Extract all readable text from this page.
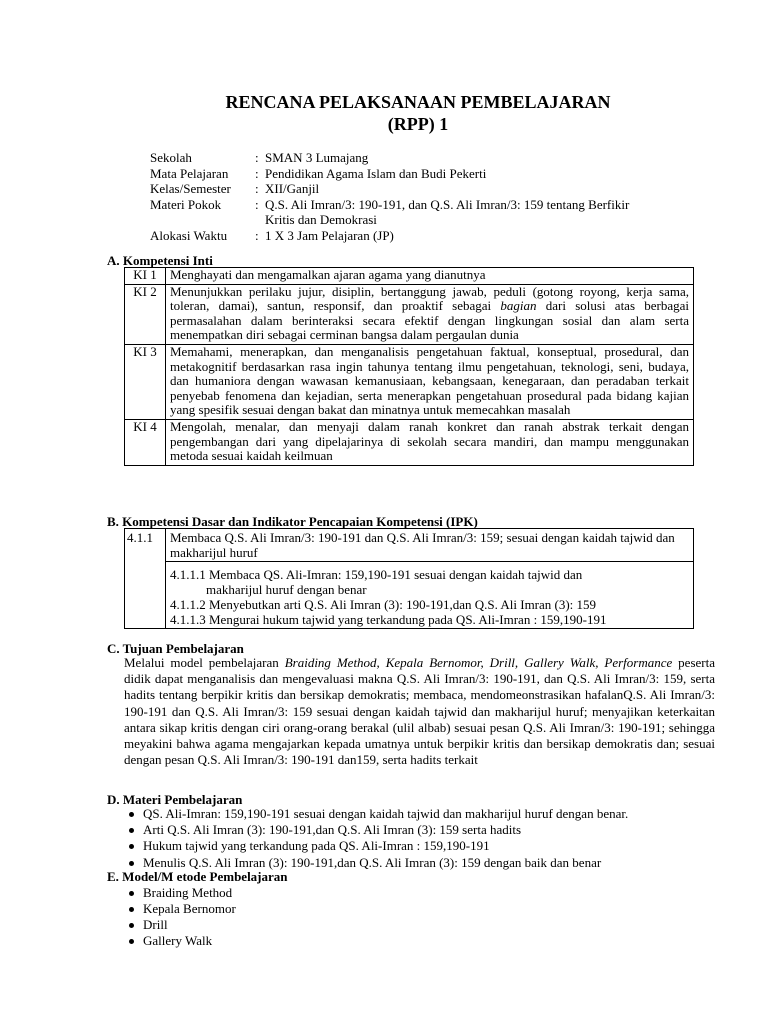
RENCANA PELAKSANAAN PEMBELAJARAN
(RPP) 1
Sekolah	: SMAN 3 Lumajang
Mata Pelajaran	: Pendidikan Agama Islam dan Budi Pekerti
Kelas/Semester	: XII/Ganjil
Materi Pokok	: Q.S. Ali Imran/3: 190-191, dan Q.S. Ali Imran/3: 159 tentang Berfikir
Kritis dan Demokrasi
Alokasi Waktu	: 1 X 3 Jam Pelajaran (JP)
A. Kompetensi Inti
KI 1	Menghayati dan mengamalkan ajaran agama yang dianutnya
KI 2	Menunjukkan perilaku jujur, disiplin, bertanggung jawab, peduli (gotong royong, kerja sama, toleran, damai), santun, responsif, dan proaktif sebagai bagian dari solusi atas berbagai permasalahan dalam berinteraksi secara efektif dengan lingkungan sosial dan alam serta menempatkan diri sebagai cerminan bangsa dalam pergaulan dunia
KI 3	Memahami, menerapkan, dan menganalisis pengetahuan faktual, konseptual, prosedural, dan metakognitif berdasarkan rasa ingin tahunya tentang ilmu pengetahuan, teknologi, seni, budaya, dan humaniora dengan wawasan kemanusiaan, kebangsaan, kenegaraan, dan peradaban terkait penyebab fenomena dan kejadian, serta menerapkan pengetahuan prosedural pada bidang kajian yang spesifik sesuai dengan bakat dan minatnya untuk memecahkan masalah
KI 4	Mengolah, menalar, dan menyaji dalam ranah konkret dan ranah abstrak terkait dengan pengembangan dari yang dipelajarinya di sekolah secara mandiri, dan mampu menggunakan metoda sesuai kaidah keilmuan
B. Kompetensi Dasar dan Indikator Pencapaian Kompetensi (IPK)
4.1.1	Membaca Q.S. Ali Imran/3: 190-191 dan Q.S. Ali Imran/3: 159; sesuai dengan kaidah tajwid dan makharijul huruf

4.1.1.1 Membaca QS. Ali-Imran: 159,190-191 sesuai dengan kaidah tajwid dan
makharijul huruf dengan benar
4.1.1.2 Menyebutkan arti Q.S. Ali Imran (3): 190-191,dan Q.S. Ali Imran (3): 159
4.1.1.3 Mengurai hukum tajwid yang terkandung pada QS. Ali-Imran : 159,190-191
C. Tujuan Pembelajaran
Melalui model pembelajaran Braiding Method, Kepala Bernomor, Drill, Gallery Walk, Performance peserta didik dapat menganalisis dan mengevaluasi makna Q.S. Ali Imran/3: 190-191, dan Q.S. Ali Imran/3: 159, serta hadits tentang berpikir kritis dan bersikap demokratis; membaca, mendomeonstrasikan hafalanQ.S. Ali Imran/3: 190-191 dan Q.S. Ali Imran/3: 159 sesuai dengan kaidah tajwid dan makharijul huruf; menyajikan keterkaitan antara sikap kritis dengan ciri orang-orang berakal (ulil albab) sesuai pesan Q.S. Ali Imran/3: 190-191; sehingga meyakini bahwa agama mengajarkan kepada umatnya untuk berpikir kritis dan bersikap demokratis dan; sesuai dengan pesan Q.S. Ali Imran/3: 190-191 dan159, serta hadits terkait
D. Materi Pembelajaran
QS. Ali-Imran: 159,190-191 sesuai dengan kaidah tajwid dan makharijul huruf dengan benar.
Arti Q.S. Ali Imran (3): 190-191,dan Q.S. Ali Imran (3): 159 serta hadits
Hukum tajwid yang terkandung pada QS. Ali-Imran : 159,190-191
Menulis Q.S. Ali Imran (3): 190-191,dan Q.S. Ali Imran (3): 159 dengan baik dan benar
E. Model/M etode Pembelajaran
Braiding Method
Kepala Bernomor
Drill
Gallery Walk
